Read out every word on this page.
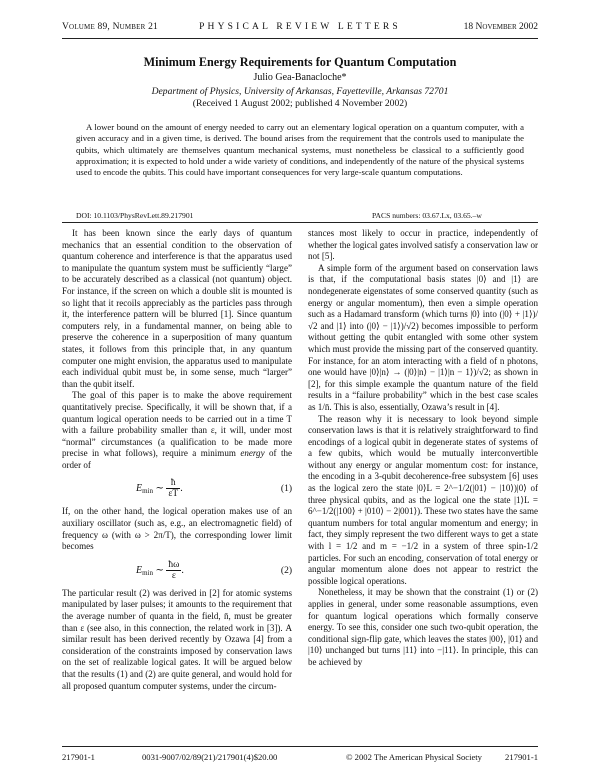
Volume 89, Number 21	PHYSICAL REVIEW LETTERS	18 November 2002
Minimum Energy Requirements for Quantum Computation
Julio Gea-Banacloche*
Department of Physics, University of Arkansas, Fayetteville, Arkansas 72701
(Received 1 August 2002; published 4 November 2002)
A lower bound on the amount of energy needed to carry out an elementary logical operation on a quantum computer, with a given accuracy and in a given time, is derived. The bound arises from the requirement that the controls used to manipulate the qubits, which ultimately are themselves quantum mechanical systems, must nonetheless be classical to a sufficiently good approximation; it is expected to hold under a wide variety of conditions, and independently of the nature of the physical systems used to encode the qubits. This could have important consequences for very large-scale quantum computations.
DOI: 10.1103/PhysRevLett.89.217901	PACS numbers: 03.67.Lx, 03.65.–w

It has been known since the early days of quantum mechanics that an essential condition to the observation of quantum coherence and interference is that the apparatus used to manipulate the quantum system must be sufficiently “large” to be accurately described as a classical (not quantum) object. For instance, if the screen on which a double slit is mounted is so light that it recoils appreciably as the particles pass through it, the interference pattern will be blurred [1]. Since quantum computers rely, in a fundamental manner, on being able to preserve the coherence in a superposition of many quantum states, it follows from this principle that, in any quantum computer one might envision, the apparatus used to manipulate each individual qubit must be, in some sense, much “larger” than the qubit itself.

The goal of this paper is to make the above requirement quantitatively precise. Specifically, it will be shown that, if a quantum logical operation needs to be carried out in a time T with a failure probability smaller than ε, it will, under most “normal” circumstances (a qualification to be made more precise in what follows), require a minimum energy of the order of

$E_{min}$ ∼ $\frac{ħ}{\varepsilon T}$ .	(1)

If, on the other hand, the logical operation makes use of an auxiliary oscillator (such as, e.g., an electromagnetic field) of frequency ω (with ω > 2π/T), the corresponding lower limit becomes

$E_{min}$ ∼ $\frac{ħ\omega}{\varepsilon}$ .	(2)

The particular result (2) was derived in [2] for atomic systems manipulated by laser pulses; it amounts to the requirement that the average number of quanta in the field, n̄, must be greater than ε (see also, in this connection, the related work in [3]). A similar result has been derived recently by Ozawa [4] from a consideration of the constraints imposed by conservation laws on the set of realizable logical gates. It will be argued below that the results (1) and (2) are quite general, and would hold for all proposed quantum computer systems, under the circum-

stances most likely to occur in practice, independently of whether the logical gates involved satisfy a conservation law or not [5].

A simple form of the argument based on conservation laws is that, if the computational basis states |0⟩ and |1⟩ are nondegenerate eigenstates of some conserved quantity (such as energy or angular momentum), then even a simple operation such as a Hadamard transform (which turns |0⟩ into (|0⟩ + |1⟩)/√2 and |1⟩ into (|0⟩ − |1⟩)/√2) becomes impossible to perform without getting the qubit entangled with some other system which must provide the missing part of the conserved quantity. For instance, for an atom interacting with a field of n photons, one would have |0⟩|n⟩ → (|0⟩|n⟩ − |1⟩|n − 1⟩)/√2; as shown in [2], for this simple example the quantum nature of the field results in a “failure probability” which in the best case scales as 1/n̄. This is also, essentially, Ozawa’s result in [4].

The reason why it is necessary to look beyond simple conservation laws is that it is relatively straightforward to find encodings of a logical qubit in degenerate states of systems of a few qubits, which would be mutually interconvertible without any energy or angular momentum cost: for instance, the encoding in a 3-qubit decoherence-free subsystem [6] uses as the logical zero the state |0⟩L = 2^−1/2(|01⟩ − |10⟩)|0⟩ of three physical qubits, and as the logical one the state |1⟩L = 6^−1/2(|100⟩ + |010⟩ − 2|001⟩). These two states have the same quantum numbers for total angular momentum and energy; in fact, they simply represent the two different ways to get a state with l = 1/2 and m = −1/2 in a system of three spin-1/2 particles. For such an encoding, conservation of total energy or angular momentum alone does not appear to restrict the possible logical operations.

Nonetheless, it may be shown that the constraint (1) or (2) applies in general, under some reasonable assumptions, even for quantum logical operations which formally conserve energy. To see this, consider one such two-qubit operation, the conditional sign-flip gate, which leaves the states |00⟩, |01⟩ and |10⟩ unchanged but turns |11⟩ into −|11⟩. In principle, this can be achieved by

217901-1	0031-9007/02/89(21)/217901(4)$20.00	© 2002 The American Physical Society	217901-1
